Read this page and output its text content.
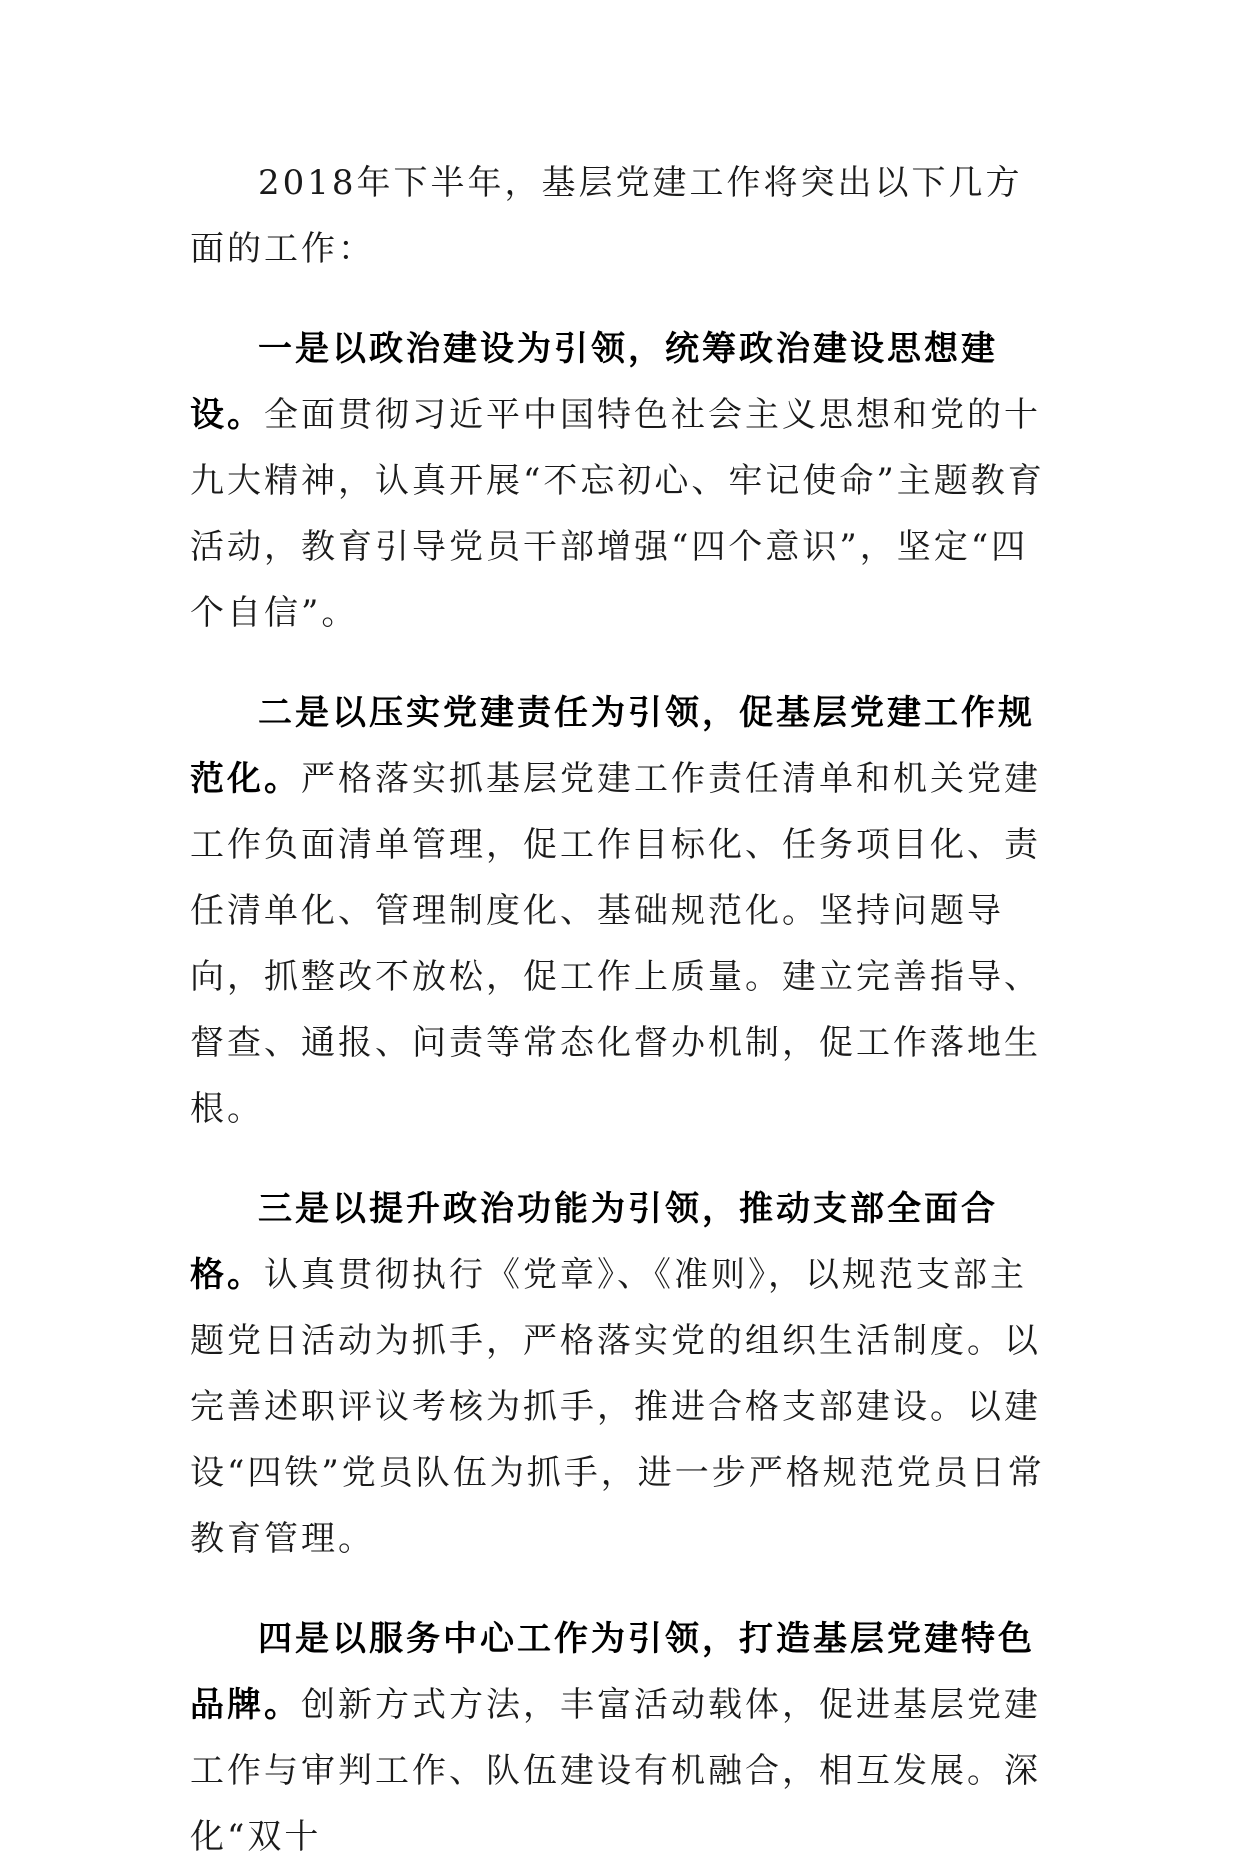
2018年下半年，基层党建工作将突出以下几方面的工作：

一是以政治建设为引领，统筹政治建设思想建设。全面贯彻习近平中国特色社会主义思想和党的十九大精神，认真开展“不忘初心、牢记使命”主题教育活动，教育引导党员干部增强“四个意识”，坚定“四个自信”。

二是以压实党建责任为引领，促基层党建工作规范化。严格落实抓基层党建工作责任清单和机关党建工作负面清单管理，促工作目标化、任务项目化、责任清单化、管理制度化、基础规范化。坚持问题导向，抓整改不放松，促工作上质量。建立完善指导、督查、通报、问责等常态化督办机制，促工作落地生根。

三是以提升政治功能为引领，推动支部全面合格。认真贯彻执行《党章》、《准则》，以规范支部主题党日活动为抓手，严格落实党的组织生活制度。以完善述职评议考核为抓手，推进合格支部建设。以建设“四铁”党员队伍为抓手，进一步严格规范党员日常教育管理。

四是以服务中心工作为引领，打造基层党建特色品牌。创新方式方法，丰富活动载体，促进基层党建工作与审判工作、队伍建设有机融合，相互发展。深化“双十
